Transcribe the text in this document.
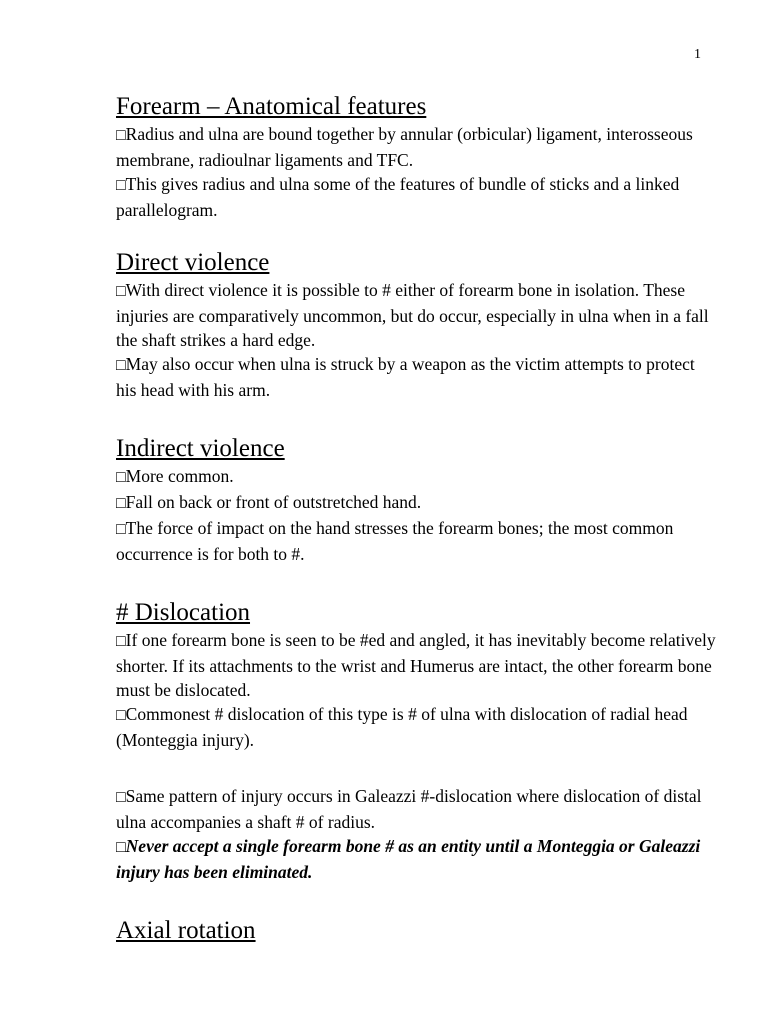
1
Forearm – Anatomical features

□Radius and ulna are bound together by annular (orbicular) ligament, interosseous membrane, radioulnar ligaments and TFC.

□This gives radius and ulna some of the features of bundle of sticks and a linked parallelogram.

Direct violence

□With direct violence it is possible to # either of forearm bone in isolation. These injuries are comparatively uncommon, but do occur, especially in ulna when in a fall the shaft strikes a hard edge.

□May also occur when ulna is struck by a weapon as the victim attempts to protect his head with his arm.

Indirect violence

□More common.

□Fall on back or front of outstretched hand.

□The force of impact on the hand stresses the forearm bones; the most common occurrence is for both to #.

# Dislocation

□If one forearm bone is seen to be #ed and angled, it has inevitably become relatively shorter. If its attachments to the wrist and Humerus are intact, the other forearm bone must be dislocated.

□Commonest # dislocation of this type is # of ulna with dislocation of radial head (Monteggia injury).

□Same pattern of injury occurs in Galeazzi #-dislocation where dislocation of distal ulna accompanies a shaft # of radius.

□Never accept a single forearm bone # as an entity until a Monteggia or Galeazzi injury has been eliminated.

Axial rotation
